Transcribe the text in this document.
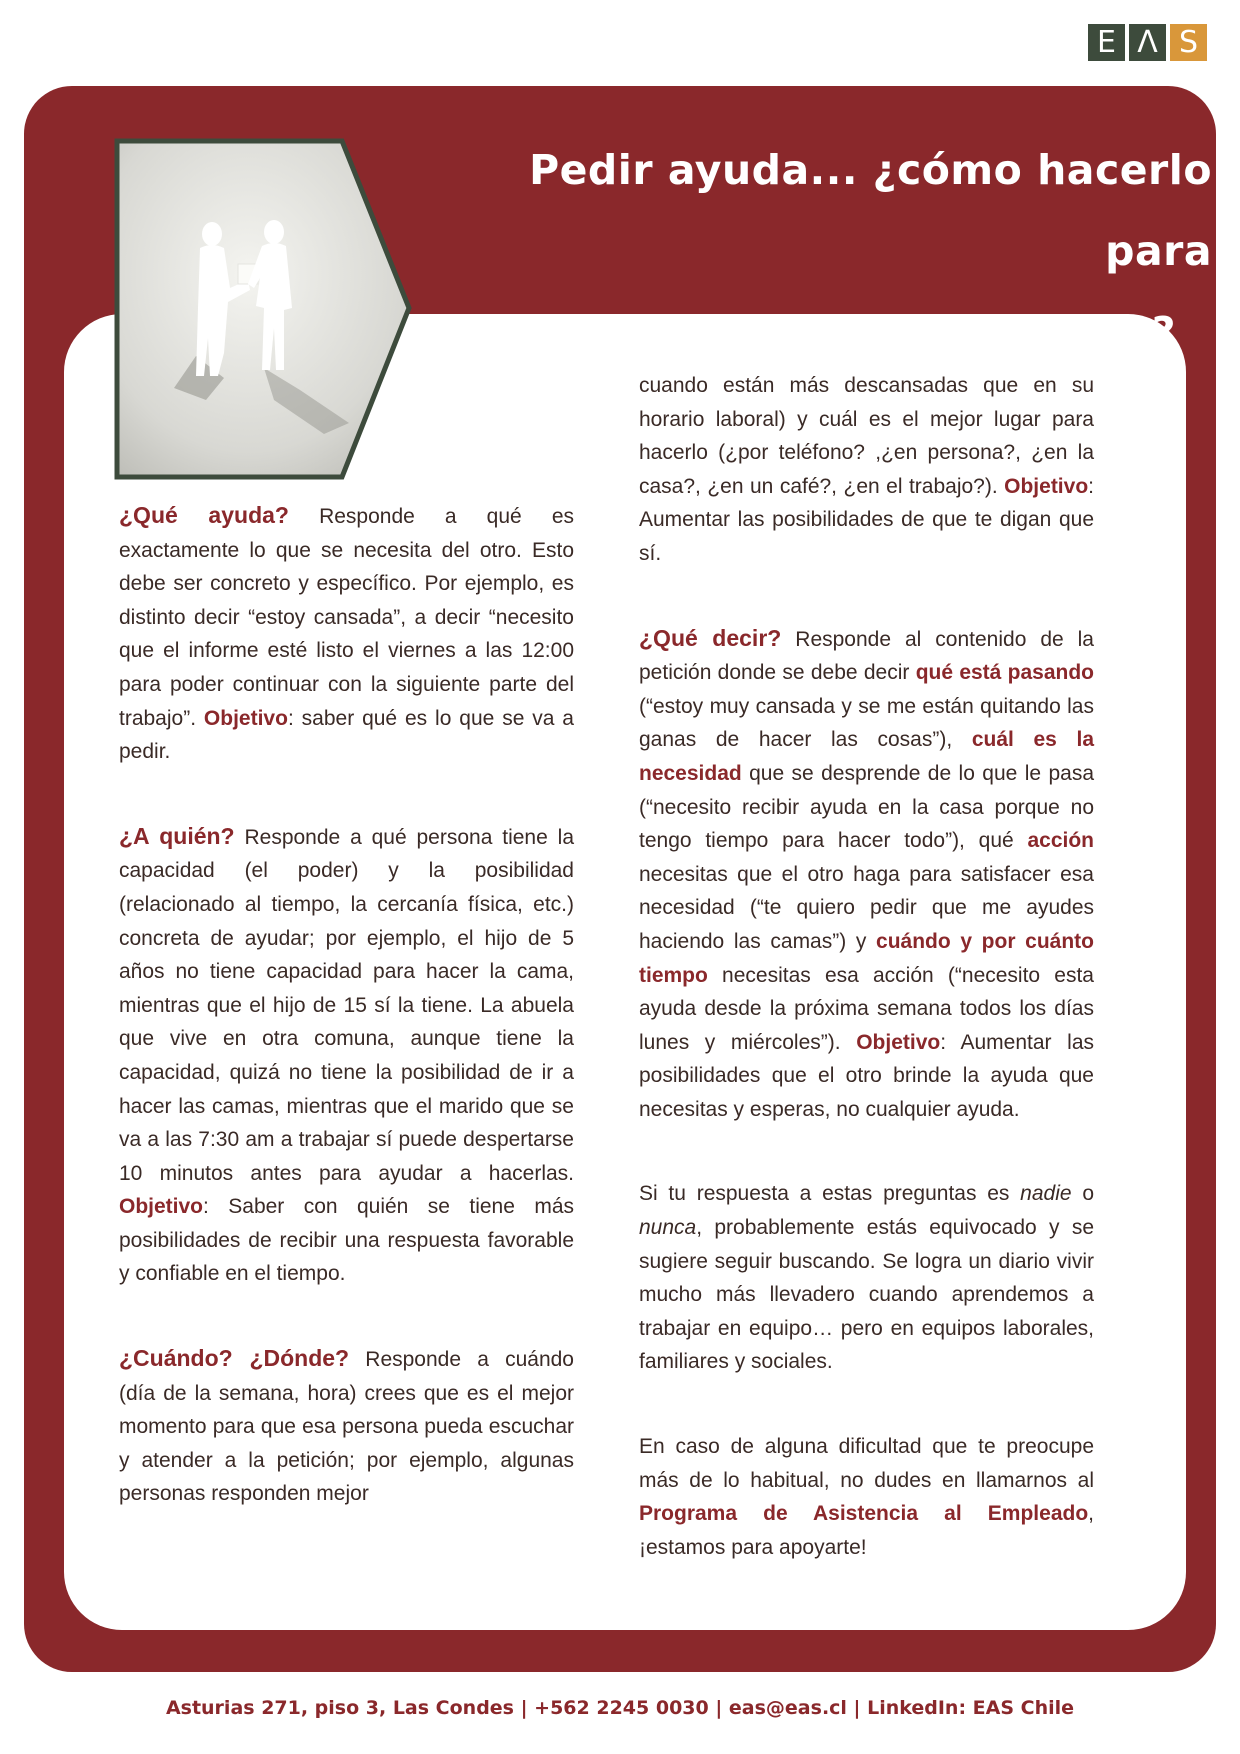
E Λ S
Pedir ayuda... ¿cómo hacerlo para
lograr los resultados deseados?

¿Qué ayuda? Responde a qué es exactamente lo que se necesita del otro. Esto debe ser concreto y específico. Por ejemplo, es distinto decir “estoy cansada”, a decir “necesito que el informe esté listo el viernes a las 12:00 para poder continuar con la siguiente parte del trabajo”. Objetivo: saber qué es lo que se va a pedir.

¿A quién? Responde a qué persona tiene la capacidad (el poder) y la posibilidad (relacionado al tiempo, la cercanía física, etc.) concreta de ayudar; por ejemplo, el hijo de 5 años no tiene capacidad para hacer la cama, mientras que el hijo de 15 sí la tiene. La abuela que vive en otra comuna, aunque tiene la capacidad, quizá no tiene la posibilidad de ir a hacer las camas, mientras que el marido que se va a las 7:30 am a trabajar sí puede despertarse 10 minutos antes para ayudar a hacerlas. Objetivo: Saber con quién se tiene más posibilidades de recibir una respuesta favorable y confiable en el tiempo.

¿Cuándo? ¿Dónde? Responde a cuándo (día de la semana, hora) crees que es el mejor momento para que esa persona pueda escuchar y atender a la petición; por ejemplo, algunas personas responden mejor

cuando están más descansadas que en su horario laboral) y cuál es el mejor lugar para hacerlo (¿por teléfono? ,¿en persona?, ¿en la casa?, ¿en un café?, ¿en el trabajo?). Objetivo: Aumentar las posibilidades de que te digan que sí.

¿Qué decir? Responde al contenido de la petición donde se debe decir qué está pasando (“estoy muy cansada y se me están quitando las ganas de hacer las cosas”), cuál es la necesidad que se desprende de lo que le pasa (“necesito recibir ayuda en la casa porque no tengo tiempo para hacer todo”), qué acción necesitas que el otro haga para satisfacer esa necesidad (“te quiero pedir que me ayudes haciendo las camas”) y cuándo y por cuánto tiempo necesitas esa acción (“necesito esta ayuda desde la próxima semana todos los días lunes y miércoles”). Objetivo: Aumentar las posibilidades que el otro brinde la ayuda que necesitas y esperas, no cualquier ayuda.

Si tu respuesta a estas preguntas es nadie o nunca, probablemente estás equivocado y se sugiere seguir buscando. Se logra un diario vivir mucho más llevadero cuando aprendemos a trabajar en equipo… pero en equipos laborales, familiares y sociales.

En caso de alguna dificultad que te preocupe más de lo habitual, no dudes en llamarnos al Programa de Asistencia al Empleado, ¡estamos para apoyarte!

Asturias 271, piso 3, Las Condes | +562 2245 0030 | eas@eas.cl | LinkedIn: EAS Chile
